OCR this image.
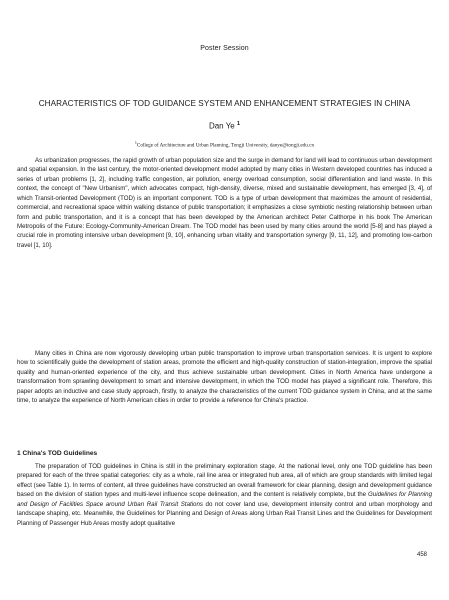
Poster Session
CHARACTERISTICS OF TOD GUIDANCE SYSTEM AND ENHANCEMENT STRATEGIES IN CHINA
Dan Ye $^1$
$^1$College of Architecture and Urban Planning, Tongji University, danye@tongji.edu.cn

As urbanization progresses, the rapid growth of urban population size and the surge in demand for land will lead to continuous urban development and spatial expansion. In the last century, the motor-oriented development model adopted by many cities in Western developed countries has induced a series of urban problems [1, 2], including traffic congestion, air pollution, energy overload consumption, social differentiation and land waste. In this context, the concept of "New Urbanism", which advocates compact, high-density, diverse, mixed and sustainable development, has emerged [3, 4], of which Transit-oriented Development (TOD) is an important component. TOD is a type of urban development that maximizes the amount of residential, commercial, and recreational space within walking distance of public transportation; it emphasizes a close symbiotic nesting relationship between urban form and public transportation, and it is a concept that has been developed by the American architect Peter Calthorpe in his book The American Metropolis of the Future: Ecology-Community-American Dream. The TOD model has been used by many cities around the world [5-8] and has played a crucial role in promoting intensive urban development [9, 10], enhancing urban vitality and transportation synergy [9, 11, 12], and promoting low-carbon travel [1, 10].

Many cities in China are now vigorously developing urban public transportation to improve urban transportation services. It is urgent to explore how to scientifically guide the development of station areas, promote the efficient and high-quality construction of station-integration, improve the spatial quality and human-oriented experience of the city, and thus achieve sustainable urban development. Cities in North America have undergone a transformation from sprawling development to smart and intensive development, in which the TOD model has played a significant role. Therefore, this paper adopts an inductive and case study approach, firstly, to analyze the characteristics of the current TOD guidance system in China, and at the same time, to analyze the experience of North American cities in order to provide a reference for China's practice.

1 China's TOD Guidelines

The preparation of TOD guidelines in China is still in the preliminary exploration stage. At the national level, only one TOD guideline has been prepared for each of the three spatial categories: city as a whole, rail line area or integrated hub area, all of which are group standards with limited legal effect (see Table 1). In terms of content, all three guidelines have constructed an overall framework for clear planning, design and development guidance based on the division of station types and multi-level influence scope delineation, and the content is relatively complete, but the Guidelines for Planning and Design of Facilities Space around Urban Rail Transit Stations do not cover land use, development intensity control and urban morphology and landscape shaping, etc. Meanwhile, the Guidelines for Planning and Design of Areas along Urban Rail Transit Lines and the Guidelines for Development Planning of Passenger Hub Areas mostly adopt qualitative

458
